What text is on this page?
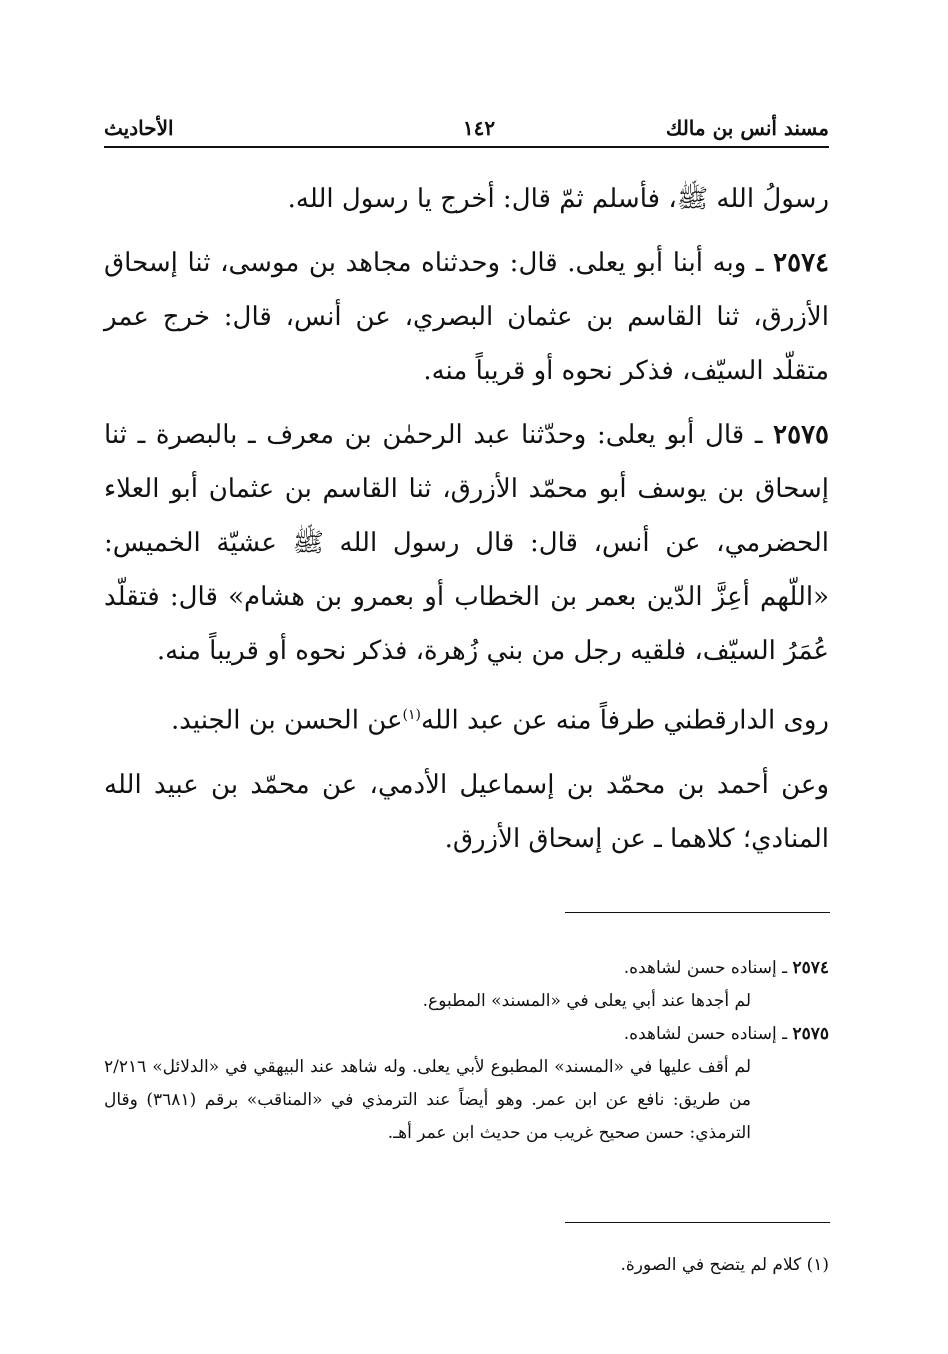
مسند أنس بن مالك
١٤٢
الأحاديث

رسولُ الله ﷺ، فأسلم ثمّ قال: أخرج يا رسول الله.

٢٥٧٤ ـ وبه أبنا أبو يعلى. قال: وحدثناه مجاهد بن موسى، ثنا إسحاق الأزرق، ثنا القاسم بن عثمان البصري، عن أنس، قال: خرج عمر متقلّد السيّف، فذكر نحوه أو قريباً منه.

٢٥٧٥ ـ قال أبو يعلى: وحدّثنا عبد الرحمٰن بن معرف ـ بالبصرة ـ ثنا إسحاق بن يوسف أبو محمّد الأزرق، ثنا القاسم بن عثمان أبو العلاء الحضرمي، عن أنس، قال: قال رسول الله ﷺ عشيّة الخميس: «اللّهم أعِزَّ الدّين بعمر بن الخطاب أو بعمرو بن هشام» قال: فتقلّد عُمَرُ السيّف، فلقيه رجل من بني زُهرة، فذكر نحوه أو قريباً منه.

روى الدارقطني طرفاً منه عن عبد الله$^{(١)}$عن الحسن بن الجنيد.

وعن أحمد بن محمّد بن إسماعيل الأدمي، عن محمّد بن عبيد الله المنادي؛ كلاهما ـ عن إسحاق الأزرق.

٢٥٧٤ ـ إسناده حسن لشاهده.

لم أجدها عند أبي يعلى في «المسند» المطبوع.

٢٥٧٥ ـ إسناده حسن لشاهده.

لم أقف عليها في «المسند» المطبوع لأبي يعلى. وله شاهد عند البيهقي في «الدلائل» ٢/٢١٦ من طريق: نافع عن ابن عمر. وهو أيضاً عند الترمذي في «المناقب» برقم (٣٦٨١) وقال الترمذي: حسن صحيح غريب من حديث ابن عمر أهـ.

(١) كلام لم يتضح في الصورة.
